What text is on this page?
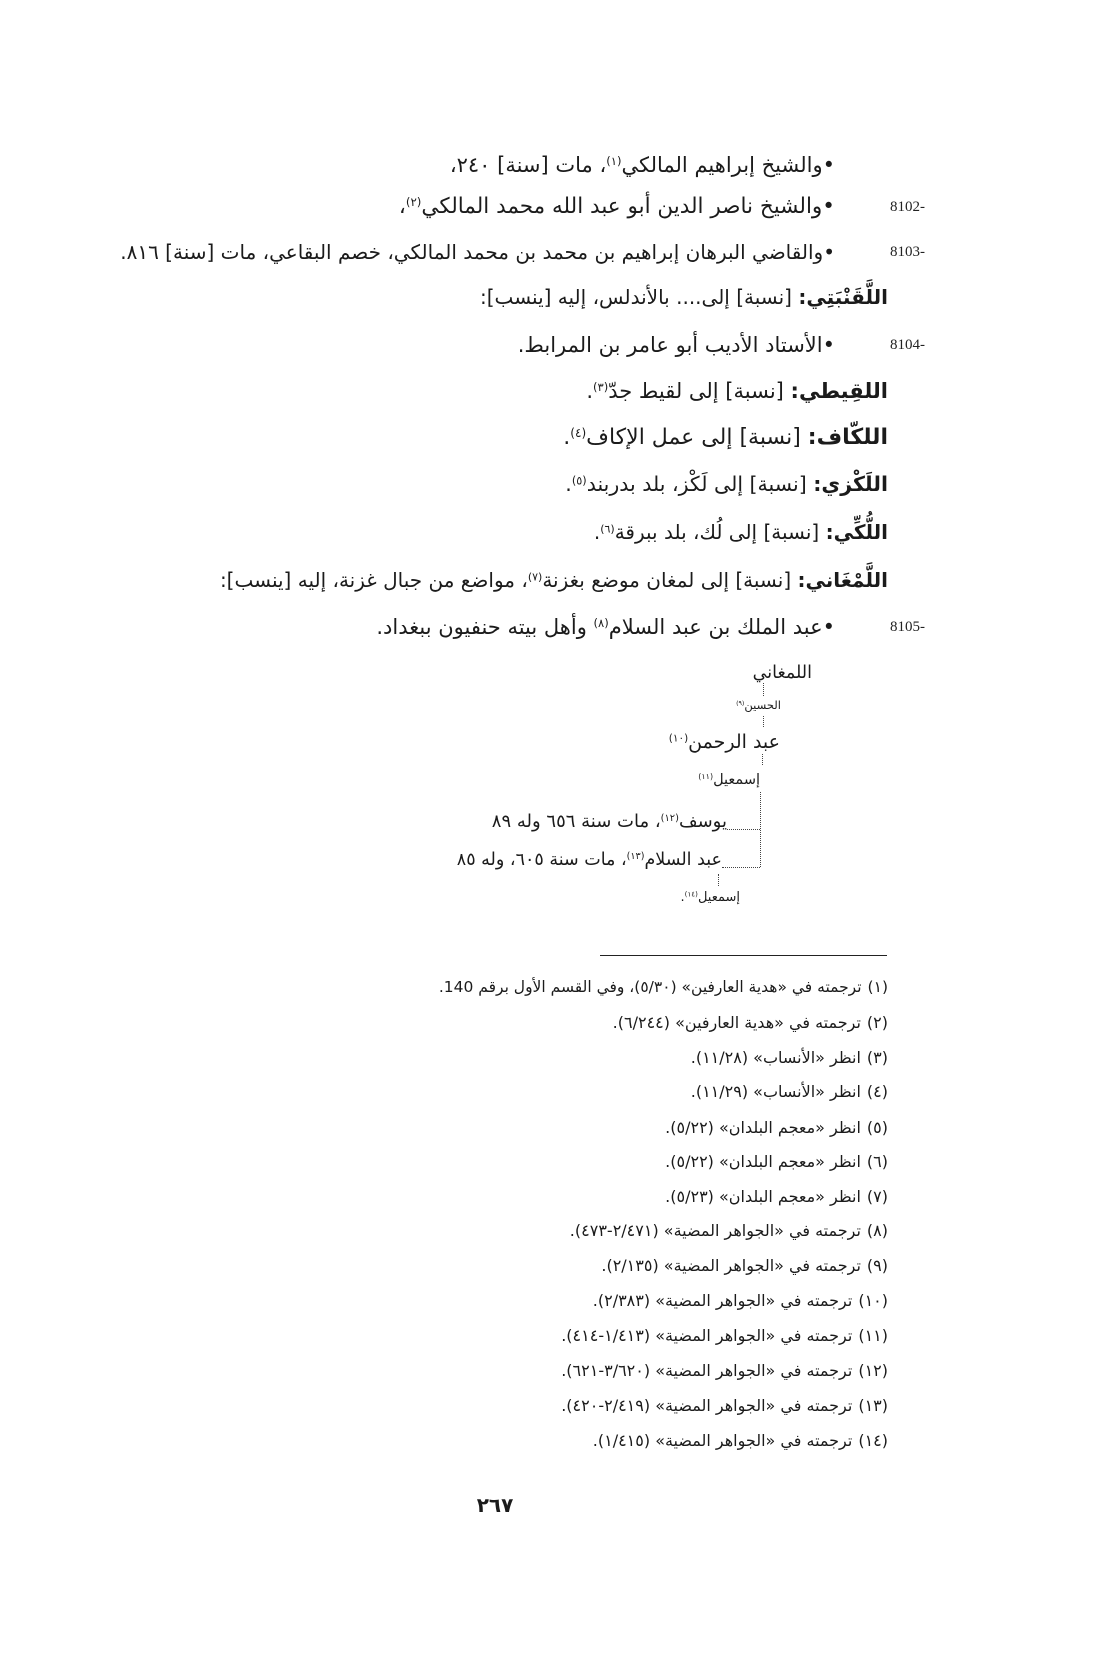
•والشيخ إبراهيم المالكي$^{(١)}$، مات [سنة] ٢٤٠،
8102-
•والشيخ ناصر الدين أبو عبد الله محمد المالكي$^{(٢)}$،
8103-
•والقاضي البرهان إبراهيم بن محمد بن محمد المالكي، خصم البقاعي، مات [سنة] ٨١٦.
اللَّقَنْبَتِي: [نسبة] إلى.... بالأندلس، إليه [ينسب]:
8104-
•الأستاد الأديب أبو عامر بن المرابط.
اللقِيطي: [نسبة] إلى لقيط جدّ$^{(٣)}$.
اللكّاف: [نسبة] إلى عمل الإكاف$^{(٤)}$.
اللَكْزي: [نسبة] إلى لَكْز، بلد بدربند$^{(٥)}$.
اللُّكِّي: [نسبة] إلى لُك، بلد ببرقة$^{(٦)}$.
اللَّمْغَاني: [نسبة] إلى لمغان موضع بغزنة$^{(٧)}$، مواضع من جبال غزنة، إليه [ينسب]:
8105-
•عبد الملك بن عبد السلام$^{(٨)}$ وأهل بيته حنفيون ببغداد.
اللمغاني
الحسين$^{(٩)}$
عبد الرحمن$^{(١٠)}$
إسمعيل$^{(١١)}$
يوسف$^{(١٢)}$، مات سنة ٦٥٦ وله ٨٩
عبد السلام$^{(١٣)}$، مات سنة ٦٠٥، وله ٨٥
إسمعيل$^{(١٤)}$.
(١)ترجمته في «هدية العارفين» (٥/٣٠)، وفي القسم الأول برقم 140.
(٢)ترجمته في «هدية العارفين» (٦/٢٤٤).
(٣)انظر «الأنساب» (١١/٢٨).
(٤)انظر «الأنساب» (١١/٢٩).
(٥)انظر «معجم البلدان» (٥/٢٢).
(٦)انظر «معجم البلدان» (٥/٢٢).
(٧)انظر «معجم البلدان» (٥/٢٣).
(٨)ترجمته في «الجواهر المضية» (٢/٤٧١-٤٧٣).
(٩)ترجمته في «الجواهر المضية» (٢/١٣٥).
(١٠)ترجمته في «الجواهر المضية» (٢/٣٨٣).
(١١)ترجمته في «الجواهر المضية» (١/٤١٣-٤١٤).
(١٢)ترجمته في «الجواهر المضية» (٣/٦٢٠-٦٢١).
(١٣)ترجمته في «الجواهر المضية» (٢/٤١٩-٤٢٠).
(١٤)ترجمته في «الجواهر المضية» (١/٤١٥).
٢٦٧
